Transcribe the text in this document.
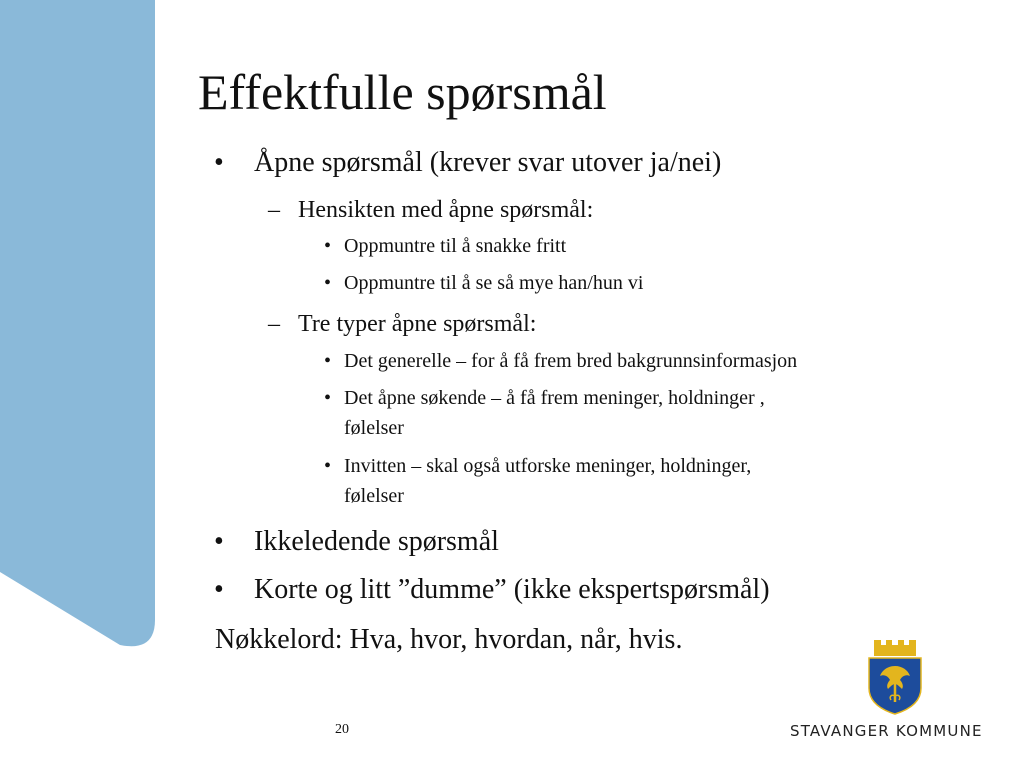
Effektfulle spørsmål
• Åpne spørsmål (krever svar utover ja/nei)
– Hensikten med åpne spørsmål:
• Oppmuntre til å snakke fritt
• Oppmuntre til å se så mye han/hun vi
– Tre typer åpne spørsmål:
• Det generelle – for å få frem bred bakgrunnsinformasjon
• Det åpne søkende – å få frem meninger, holdninger ,
følelser
• Invitten – skal også utforske meninger, holdninger,
følelser
• Ikkeledende spørsmål
• Korte og litt ”dumme” (ikke ekspertspørsmål)
Nøkkelord: Hva, hvor, hvordan, når, hvis.
20	STAVANGER KOMMUNE
